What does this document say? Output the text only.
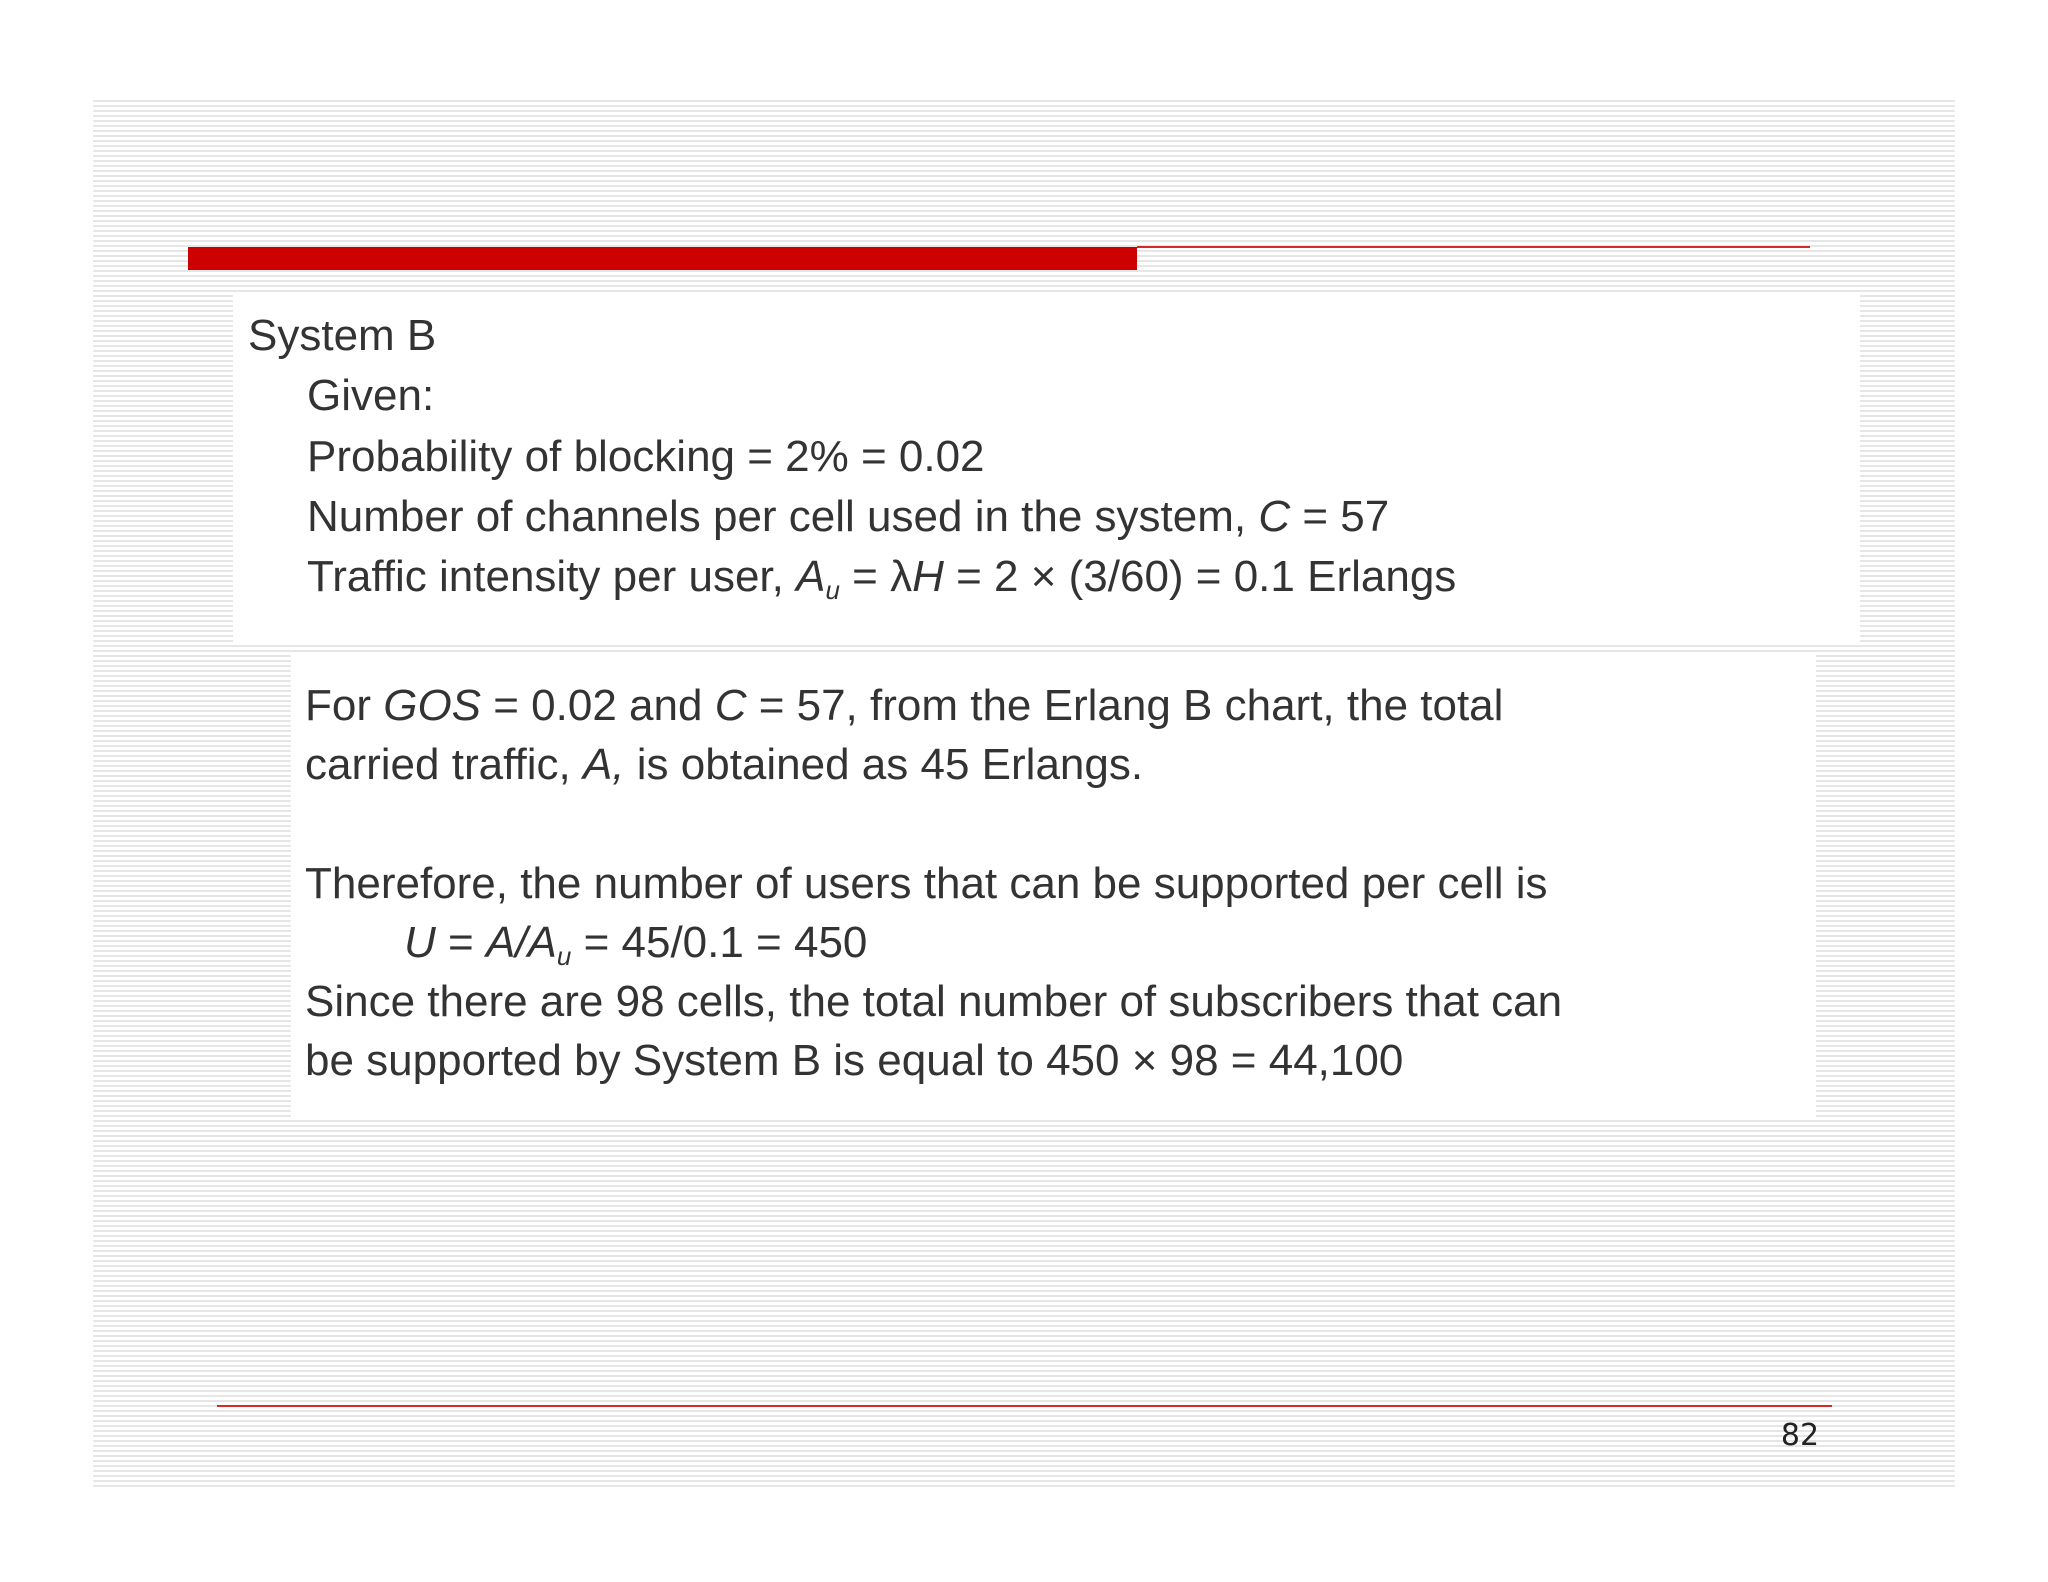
System B
Given:
Probability of blocking = 2% = 0.02
Number of channels per cell used in the system, C = 57
Traffic intensity per user, $A_u = \lambda H = 2 \times (3/60) = 0.1$ Erlangs
For GOS = 0.02 and C = 57, from the Erlang B chart, the total
carried traffic, A, is obtained as 45 Erlangs.
Therefore, the number of users that can be supported per cell is
$U = A/A_u = 45/0.1 = 450$
Since there are 98 cells, the total number of subscribers that can
be supported by System B is equal to 450 × 98 = 44,100
82
